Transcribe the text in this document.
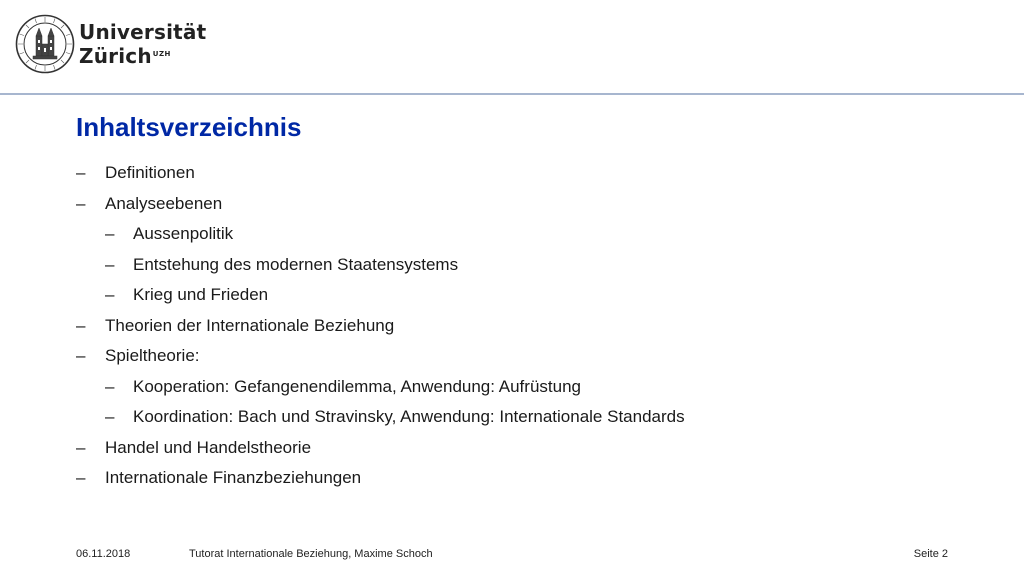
Universität
Zürich$^{UZH}$
Inhaltsverzeichnis
– Definitionen
– Analyseebenen
– Aussenpolitik
– Entstehung des modernen Staatensystems
– Krieg und Frieden
– Theorien der Internationale Beziehung
– Spieltheorie:
– Kooperation: Gefangenendilemma, Anwendung: Aufrüstung
– Koordination: Bach und Stravinsky, Anwendung: Internationale Standards
– Handel und Handelstheorie
– Internationale Finanzbeziehungen
06.11.2018	Tutorat Internationale Beziehung, Maxime Schoch	Seite 2
